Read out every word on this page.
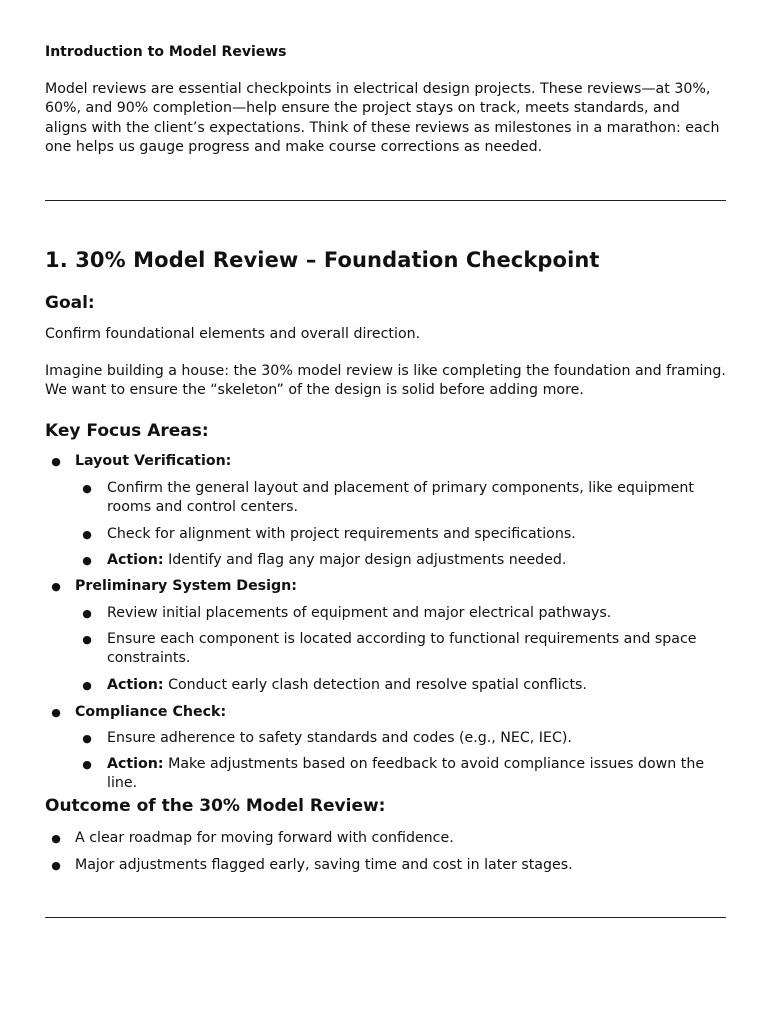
Introduction to Model Reviews

Model reviews are essential checkpoints in electrical design projects. These reviews—at 30%, 60%, and 90% completion—help ensure the project stays on track, meets standards, and aligns with the client’s expectations. Think of these reviews as milestones in a marathon: each one helps us gauge progress and make course corrections as needed.

1. 30% Model Review – Foundation Checkpoint
Goal:

Confirm foundational elements and overall direction.

Imagine building a house: the 30% model review is like completing the foundation and framing. We want to ensure the “skeleton” of the design is solid before adding more.

Key Focus Areas:
● Layout Verification:
● Confirm the general layout and placement of primary components, like equipment rooms and control centers.
● Check for alignment with project requirements and specifications.
● Action: Identify and flag any major design adjustments needed.
● Preliminary System Design:
● Review initial placements of equipment and major electrical pathways.
● Ensure each component is located according to functional requirements and space constraints.
● Action: Conduct early clash detection and resolve spatial conflicts.
● Compliance Check:
● Ensure adherence to safety standards and codes (e.g., NEC, IEC).
● Action: Make adjustments based on feedback to avoid compliance issues down the line.
Outcome of the 30% Model Review:
● A clear roadmap for moving forward with confidence.
● Major adjustments flagged early, saving time and cost in later stages.
